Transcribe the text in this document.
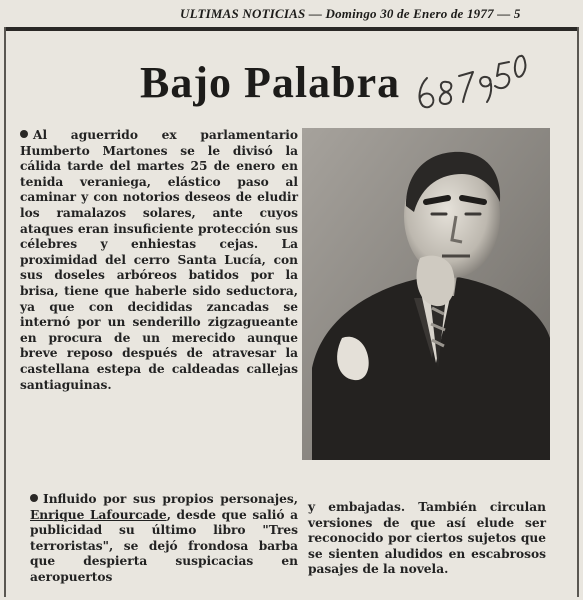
ULTIMAS NOTICIAS — Domingo 30 de Enero de 1977 — 5
Bajo Palabra
Al aguerrido ex parlamentario Humberto Martones se le divisó la cálida tarde del martes 25 de enero en tenida veraniega, elástico paso al caminar y con notorios deseos de eludir los ramalazos solares, ante cuyos ataques eran insuficiente protección sus célebres y enhiestas cejas. La proximidad del cerro Santa Lucía, con sus doseles arbóreos batidos por la brisa, tiene que haberle sido seductora, ya que con decididas zancadas se internó por un senderillo zigzagueante en procura de un merecido aunque breve reposo después de atravesar la castellana estepa de caldeadas callejas santiaguinas.
Influido por sus propios personajes, Enrique Lafourcade, desde que salió a publicidad su último libro "Tres terroristas", se dejó frondosa barba que despierta suspicacias en aeropuertos
y embajadas. También circulan versiones de que así elude ser reconocido por ciertos sujetos que se sienten aludidos en escabrosos pasajes de la novela.
